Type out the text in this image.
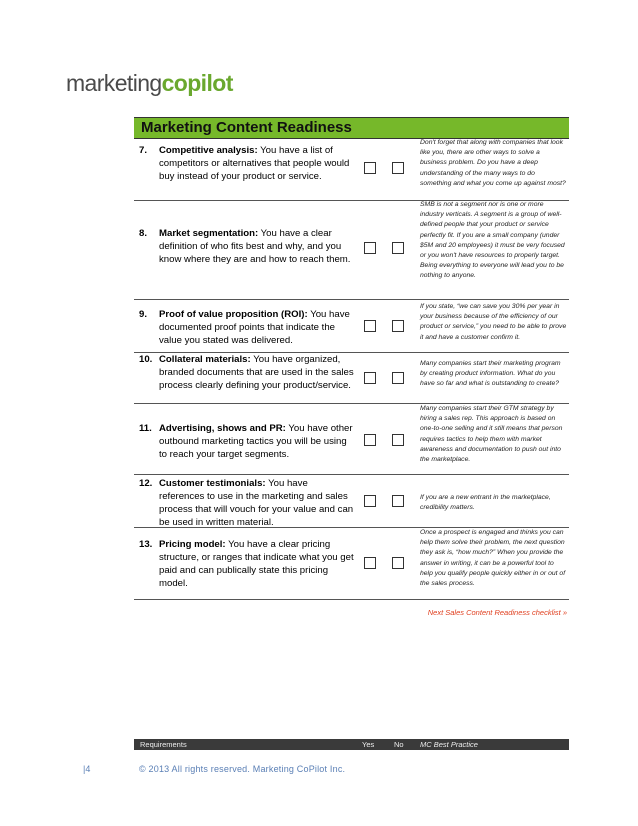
marketingcopilot
Marketing Content Readiness
7. Competitive analysis: You have a list of competitors or alternatives that people would buy instead of your product or service.
Don't forget that along with companies that look like you, there are other ways to solve a business problem. Do you have a deep understanding of the many ways to do something and what you come up against most?
8. Market segmentation: You have a clear definition of who fits best and why, and you know where they are and how to reach them.
SMB is not a segment nor is one or more industry verticals. A segment is a group of well-defined people that your product or service perfectly fit. If you are a small company (under $5M and 20 employees) it must be very focused or you won't have resources to properly target. Being everything to everyone will lead you to be nothing to anyone.
9. Proof of value proposition (ROI): You have documented proof points that indicate the value you stated was delivered.
If you state, “we can save you 30% per year in your business because of the efficiency of our product or service,” you need to be able to prove it and have a customer confirm it.
10. Collateral materials: You have organized, branded documents that are used in the sales process clearly defining your product/service.
Many companies start their marketing program by creating product information. What do you have so far and what is outstanding to create?
11. Advertising, shows and PR: You have other outbound marketing tactics you will be using to reach your target segments.
Many companies start their GTM strategy by hiring a sales rep. This approach is based on one-to-one selling and it still means that person requires tactics to help them with market awareness and documentation to push out into the marketplace.
12. Customer testimonials: You have references to use in the marketing and sales process that will vouch for your value and can be used in written material.
If you are a new entrant in the marketplace, credibility matters.
13. Pricing model: You have a clear pricing structure, or ranges that indicate what you get paid and can publically state this pricing model.
Once a prospect is engaged and thinks you can help them solve their problem, the next question they ask is, “how much?” When you provide the answer in writing, it can be a powerful tool to help you qualify people quickly either in or out of the sales process.
Next Sales Content Readiness checklist »
Requirements	Yes	No MC Best Practice
|4	© 2013 All rights reserved. Marketing CoPilot Inc.
